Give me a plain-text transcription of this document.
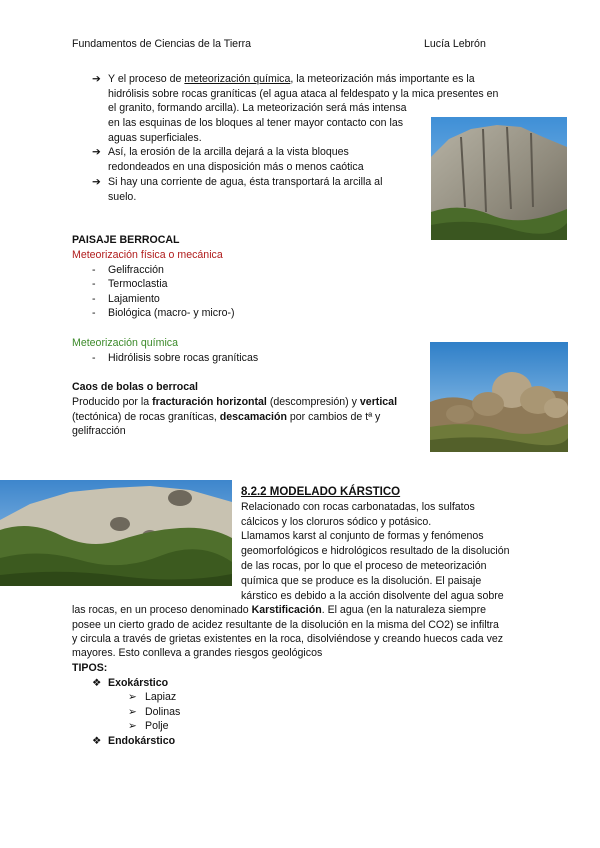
Fundamentos de Ciencias de la Tierra	Lucía Lebrón
➔ Y el proceso de meteorización química, la meteorización más importante es la
hidrólisis sobre rocas graníticas (el agua ataca al feldespato y la mica presentes en
el granito, formando arcilla). La meteorización será más intensa
en las esquinas de los bloques al tener mayor contacto con las
aguas superficiales.
➔ Así, la erosión de la arcilla dejará a la vista bloques
redondeados en una disposición más o menos caótica
➔ Si hay una corriente de agua, ésta transportará la arcilla al
suelo.
PAISAJE BERROCAL
Meteorización física o mecánica
- Gelifracción
- Termoclastia
- Lajamiento
- Biológica (macro- y micro-)
Meteorización química
- Hidrólisis sobre rocas graníticas
Caos de bolas o berrocal
Producido por la fracturación horizontal (descompresión) y vertical
(tectónica) de rocas graníticas, descamación por cambios de tª y
gelifracción
8.2.2 MODELADO KÁRSTICO
Relacionado con rocas carbonatadas, los sulfatos
cálcicos y los cloruros sódico y potásico.
Llamamos karst al conjunto de formas y fenómenos
geomorfológicos e hidrológicos resultado de la disolución
de las rocas, por lo que el proceso de meteorización
química que se produce es la disolución. El paisaje
kárstico es debido a la acción disolvente del agua sobre
las rocas, en un proceso denominado Karstificación. El agua (en la naturaleza siempre
posee un cierto grado de acidez resultante de la disolución en la misma del CO2) se infiltra
y circula a través de grietas existentes en la roca, disolviéndose y creando huecos cada vez
mayores. Esto conlleva a grandes riesgos geológicos
TIPOS:
❖ Exokárstico
➢ Lapiaz
➢ Dolinas
➢ Polje
❖ Endokárstico
